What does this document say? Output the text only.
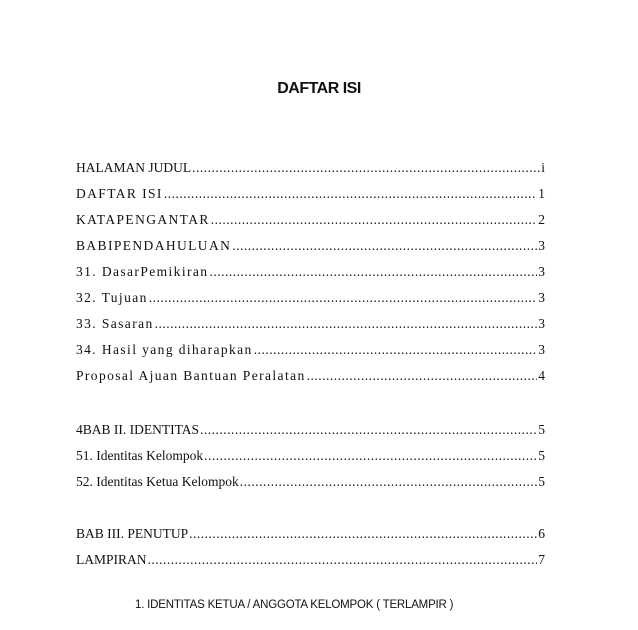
DAFTAR ISI
HALAMAN JUDUL .....	i
DAFTAR ISI .....	1
KATAPENGANTAR .....	2
BABIPENDAHULUAN .....	3
31. DasarPemikiran .....	3
32. Tujuan .....	3
33. Sasaran .....	3
34. Hasil yang diharapkan .....	3
Proposal Ajuan Bantuan Peralatan .....	4
4BAB II. IDENTITAS .....	5
51. Identitas Kelompok .....	5
52. Identitas Ketua Kelompok .....	5
BAB III. PENUTUP .....	6
LAMPIRAN .....	7
1. IDENTITAS KETUA / ANGGOTA KELOMPOK ( TERLAMPIR )
